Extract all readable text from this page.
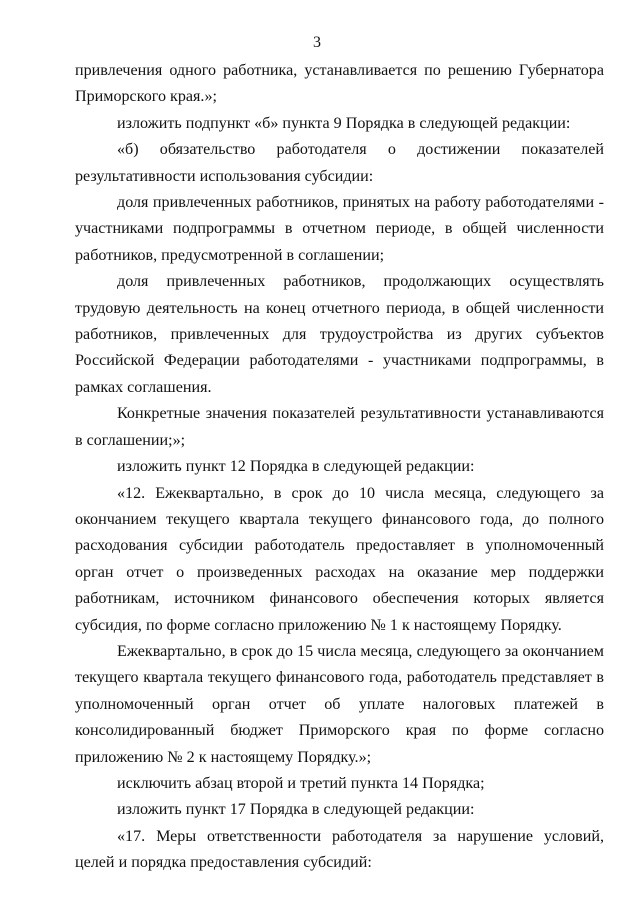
3

привлечения одного работника, устанавливается по решению Губернатора Приморского края.»;

изложить подпункт «б» пункта 9 Порядка в следующей редакции:

«б) обязательство работодателя о достижении показателей результативности использования субсидии:

доля привлеченных работников, принятых на работу работодателями - участниками подпрограммы в отчетном периоде, в общей численности работников, предусмотренной в соглашении;

доля привлеченных работников, продолжающих осуществлять трудовую деятельность на конец отчетного периода, в общей численности работников, привлеченных для трудоустройства из других субъектов Российской Федерации работодателями - участниками подпрограммы, в рамках соглашения.

Конкретные значения показателей результативности устанавливаются в соглашении;»;

изложить пункт 12 Порядка в следующей редакции:

«12. Ежеквартально, в срок до 10 числа месяца, следующего за окончанием текущего квартала текущего финансового года, до полного расходования субсидии работодатель предоставляет в уполномоченный орган отчет о произведенных расходах на оказание мер поддержки работникам, источником финансового обеспечения которых является субсидия, по форме согласно приложению № 1 к настоящему Порядку.

Ежеквартально, в срок до 15 числа месяца, следующего за окончанием текущего квартала текущего финансового года, работодатель представляет в уполномоченный орган отчет об уплате налоговых платежей в консолидированный бюджет Приморского края по форме согласно приложению № 2 к настоящему Порядку.»;

исключить абзац второй и третий пункта 14 Порядка;

изложить пункт 17 Порядка в следующей редакции:

«17. Меры ответственности работодателя за нарушение условий, целей и порядка предоставления субсидий:
